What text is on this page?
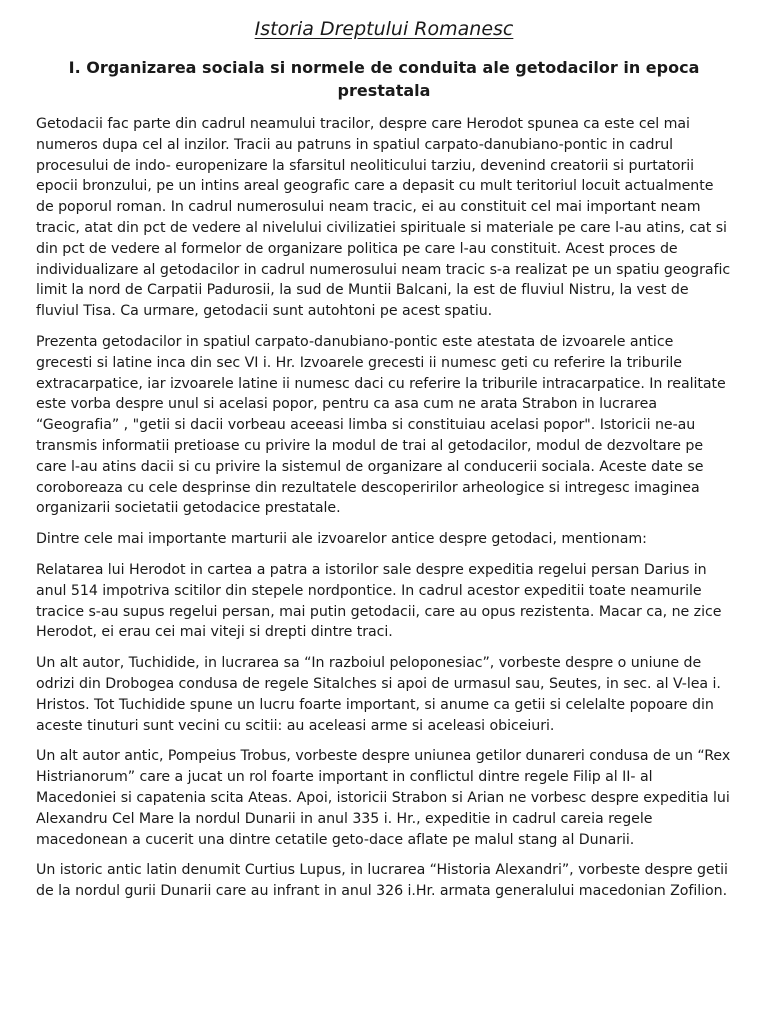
Istoria Dreptului Romanesc
I. Organizarea sociala si normele de conduita ale getodacilor in epoca prestatala

Getodacii fac parte din cadrul neamului tracilor, despre care Herodot spunea ca este cel mai numeros dupa cel al inzilor. Tracii au patruns in spatiul carpato-danubiano-pontic in cadrul procesului de indo- europenizare la sfarsitul neoliticului tarziu, devenind creatorii si purtatorii epocii bronzului, pe un intins areal geografic care a depasit cu mult teritoriul locuit actualmente de poporul roman. In cadrul numerosului neam tracic, ei au constituit cel mai important neam tracic, atat din pct de vedere al nivelului civilizatiei spirituale si materiale pe care l-au atins, cat si din pct de vedere al formelor de organizare politica pe care l-au constituit. Acest proces de individualizare al getodacilor in cadrul numerosului neam tracic s-a realizat pe un spatiu geografic limit la nord de Carpatii Padurosii, la sud de Muntii Balcani, la est de fluviul Nistru, la vest de fluviul Tisa. Ca urmare, getodacii sunt autohtoni pe acest spatiu.

Prezenta getodacilor in spatiul carpato-danubiano-pontic este atestata de izvoarele antice grecesti si latine inca din sec VI i. Hr. Izvoarele grecesti ii numesc geti cu referire la triburile extracarpatice, iar izvoarele latine ii numesc daci cu referire la triburile intracarpatice. In realitate este vorba despre unul si acelasi popor, pentru ca asa cum ne arata Strabon in lucrarea “Geografia” , "getii si dacii vorbeau aceeasi limba si constituiau acelasi popor". Istoricii ne-au transmis informatii pretioase cu privire la modul de trai al getodacilor, modul de dezvoltare pe care l-au atins dacii si cu privire la sistemul de organizare al conducerii sociala. Aceste date se coroboreaza cu cele desprinse din rezultatele descoperirilor arheologice si intregesc imaginea organizarii societatii getodacice prestatale.

Dintre cele mai importante marturii ale izvoarelor antice despre getodaci, mentionam:

Relatarea lui Herodot in cartea a patra a istorilor sale despre expeditia regelui persan Darius in anul 514 impotriva scitilor din stepele nordpontice. In cadrul acestor expeditii toate neamurile tracice s-au supus regelui persan, mai putin getodacii, care au opus rezistenta. Macar ca, ne zice Herodot, ei erau cei mai viteji si drepti dintre traci.

Un alt autor, Tuchidide, in lucrarea sa “In razboiul peloponesiac”, vorbeste despre o uniune de odrizi din Drobogea condusa de regele Sitalches si apoi de urmasul sau, Seutes, in sec. al V-lea i. Hristos. Tot Tuchidide spune un lucru foarte important, si anume ca getii si celelalte popoare din aceste tinuturi sunt vecini cu scitii: au aceleasi arme si aceleasi obiceiuri.

Un alt autor antic, Pompeius Trobus, vorbeste despre uniunea getilor dunareri condusa de un “Rex Histrianorum” care a jucat un rol foarte important in conflictul dintre regele Filip al II- al Macedoniei si capatenia scita Ateas. Apoi, istoricii Strabon si Arian ne vorbesc despre expeditia lui Alexandru Cel Mare la nordul Dunarii in anul 335 i. Hr., expeditie in cadrul careia regele macedonean a cucerit una dintre cetatile geto-dace aflate pe malul stang al Dunarii.

Un istoric antic latin denumit Curtius Lupus, in lucrarea “Historia Alexandri”, vorbeste despre getii de la nordul gurii Dunarii care au infrant in anul 326 i.Hr. armata generalului macedonian Zofilion.
